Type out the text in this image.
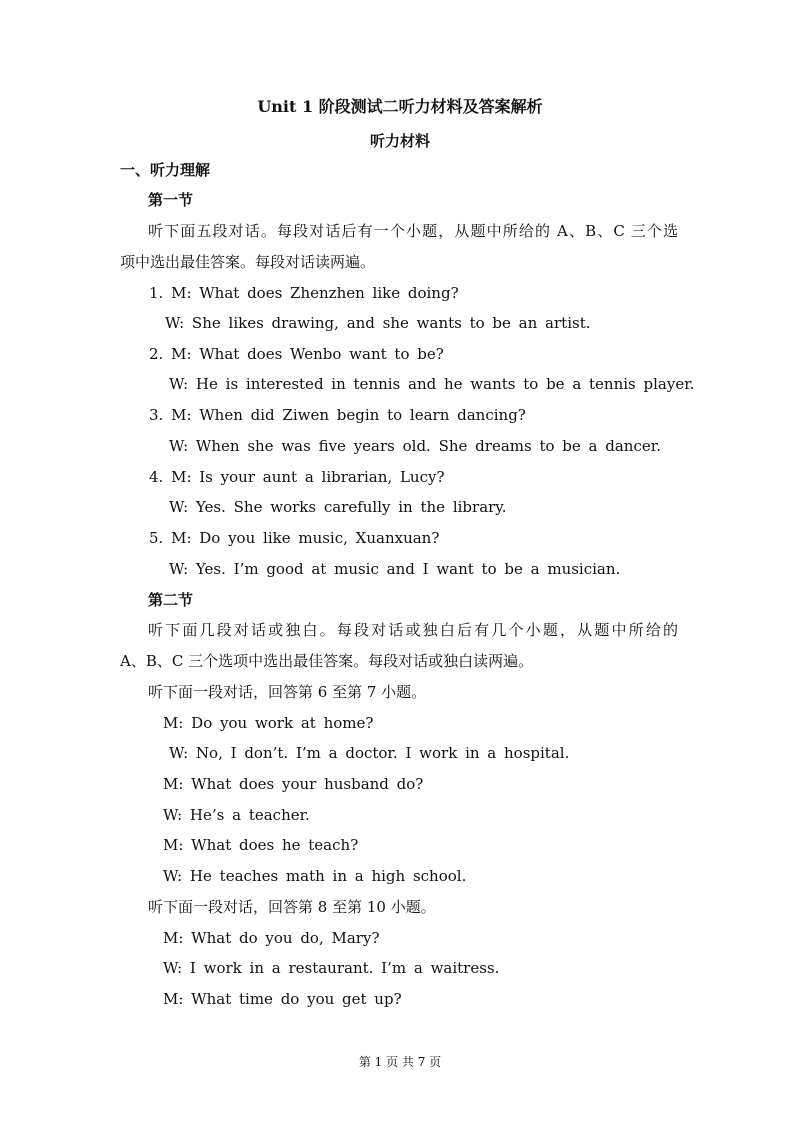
Unit 1 阶段测试二听力材料及答案解析
听力材料
一、听力理解
第一节
听下面五段对话。每段对话后有一个小题，从题中所给的 A、B、C 三个选
项中选出最佳答案。每段对话读两遍。
1. M: What does Zhenzhen like doing?
W: She likes drawing, and she wants to be an artist.
2. M: What does Wenbo want to be?
W: He is interested in tennis and he wants to be a tennis player.
3. M: When did Ziwen begin to learn dancing?
W: When she was five years old. She dreams to be a dancer.
4. M: Is your aunt a librarian, Lucy?
W: Yes. She works carefully in the library.
5. M: Do you like music, Xuanxuan?
W: Yes. I’m good at music and I want to be a musician.
第二节
听下面几段对话或独白。每段对话或独白后有几个小题，从题中所给的
A、B、C 三个选项中选出最佳答案。每段对话或独白读两遍。
听下面一段对话，回答第 6 至第 7 小题。
M: Do you work at home?
W: No, I don’t. I’m a doctor. I work in a hospital.
M: What does your husband do?
W: He’s a teacher.
M: What does he teach?
W: He teaches math in a high school.
听下面一段对话，回答第 8 至第 10 小题。
M: What do you do, Mary?
W: I work in a restaurant. I’m a waitress.
M: What time do you get up?
第 1 页 共 7 页
